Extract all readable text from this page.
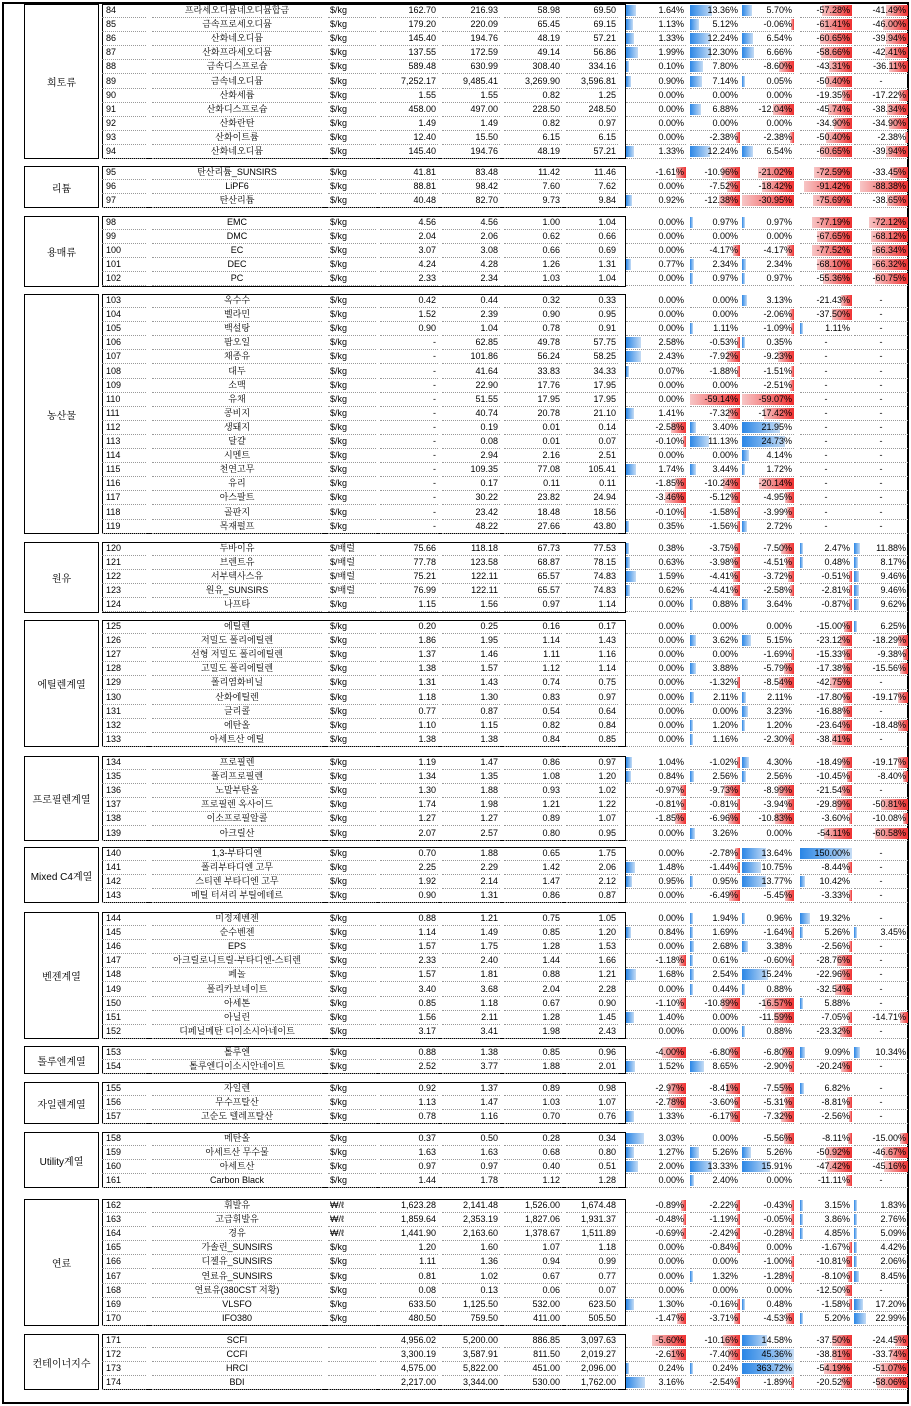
희토류
84	프라세오디뮴네오디뮴합금	$/kg	162.70	216.93	58.98	69.50	1.64%	13.36%	5.70%	-57.28% -41.49%
85	금속프로세오디뮴	$/kg	179.20	220.09	65.45	69.15	1.13%	5.12%	-0.06%	-61.41% -46.00%
86	산화네오디뮴	$/kg	145.40	194.76	48.19	57.21	1.33%	12.24%	6.54%	-60.65% -39.94%
87	산화프라세오디뮴	$/kg	137.55	172.59	49.14	56.86	1.99%	12.30%	6.66%	-58.66% -42.41%
88	금속디스프로슘	$/kg	589.48	630.99	308.40	334.16	0.10%	7.80%	-8.60%	-43.31%	-36.11%
89	금속네오디뮴	$/kg	7,252.17	9,485.41	3,269.90	3,596.81	0.90%	7.14%	0.05%	-50.40%	-
90	산화세륨	$/kg	1.55	1.55	0.82	1.25	0.00%	0.00%	0.00%	-19.35% -17.22%
91	산화디스프로슘	$/kg	458.00	497.00	228.50	248.50	0.00%	6.88% -12.04%	-45.74% -38.34%
92	산화란탄	$/kg	1.49	1.49	0.82	0.97	0.00%	0.00%	0.00%	-34.90% -34.90%
93	산화이트륨	$/kg	12.40	15.50	6.15	6.15	0.00%	-2.38%	-2.38%	-50.40%	-2.38%
94	산화네오디뮴	$/kg	145.40	194.76	48.19	57.21	1.33%	12.24%	6.54%	-60.65% -39.94%
리튬
95	탄산리튬_SUNSIRS	$/kg	41.81	83.48	11.42	11.46	-1.61% -10.96% -21.02%	-72.59% -33.45%
96	LiPF6	$/kg	88.81	98.42	7.60	7.62	0.00%	-7.52% -18.42%	-91.42% -88.38%
97	탄산리튬	$/kg	40.48	82.70	9.73	9.84	0.92% -12.38% -30.95%	-75.69% -38.65%
용매류
98	EMC	$/kg	4.56	4.56	1.00	1.04	0.00%	0.97%	0.97%	-77.19% -72.12%
99	DMC	$/kg	2.04	2.06	0.62	0.66	0.00%	0.00%	0.00%	-67.65% -68.12%
100	EC	$/kg	3.07	3.08	0.66	0.69	0.00%	-4.17%	-4.17%	-77.52% -66.34%
101	DEC	$/kg	4.24	4.28	1.26	1.31	0.77%	2.34%	2.34%	-68.10% -66.32%
102	PC	$/kg	2.33	2.34	1.03	1.04	0.00%	0.97%	0.97%	-55.36% -60.75%
농산물
103	옥수수	$/kg	0.42	0.44	0.32	0.33	0.00%	0.00%	3.13%	-21.43%	-
104	벨라민	$/kg	1.52	2.39	0.90	0.95	0.00%	0.00%	-2.06%	-37.50%	-
105	백설탕	$/kg	0.90	1.04	0.78	0.91	0.00%	1.11%	-1.09%	1.11%	-
106	팜오일	$/kg	-	62.85	49.78	57.75	2.58%	-0.53%	0.35%	-	-
107	채종유	$/kg	-	101.86	56.24	58.25	2.43%	-7.92%	-9.23%	-	-
108	대두	$/kg	-	41.64	33.83	34.33	0.07%	-1.88%	-1.51%	-	-
109	소맥	$/kg	-	22.90	17.76	17.95	0.00%	0.00%	-2.51%	-	-
110	유채	$/kg	-	51.55	17.95	17.95	0.00% -59.14% -59.07%	-	-
111	콩비지	$/kg	-	40.74	20.78	21.10	1.41%	-7.32% -17.42%	-	-
112	생돼지	$/kg	-	0.19	0.01	0.14	-2.58%	3.40%	21.95%	-	-
113	달걀	$/kg	-	0.08	0.01	0.07	-0.10%	11.13%	24.73%	-	-
114	시멘트	$/kg	-	2.94	2.16	2.51	0.00%	0.00%	4.14%	-	-
115	천연고무	$/kg	-	109.35	77.08	105.41	1.74%	3.44%	1.72%	-	-
116	유리	$/kg	-	0.17	0.11	0.11	-1.85% -10.24% -20.14%	-	-
117	아스팔트	$/kg	-	30.22	23.82	24.94	-3.46%	-5.12%	-4.95%	-	-
118	골판지	$/kg	-	23.42	18.48	18.56	-0.10%	-1.58%	-3.99%	-	-
119	목재펄프	$/kg	-	48.22	27.66	43.80	0.35%	-1.56%	2.72%	-	-
원유
120	두바이유	$/배럴	75.66	118.18	67.73	77.53	0.38%	-3.75%	-7.50%	2.47%	11.88%
121	브렌트유	$/배럴	77.78	123.58	68.87	78.15	0.63%	-3.98%	-4.51%	0.48%	8.17%
122	서부텍사스유	$/배럴	75.21	122.11	65.57	74.83	1.59%	-4.41%	-3.72%	-0.51%	9.46%
123	원유_SUNSIRS	$/배럴	76.99	122.11	65.57	74.83	0.62%	-4.41%	-2.58%	-2.81%	9.46%
124	나프타	$/kg	1.15	1.56	0.97	1.14	0.00%	0.88%	3.64%	-0.87%	9.62%
에틸렌계열
125	에틸렌	$/kg	0.20	0.25	0.16	0.17	0.00%	0.00%	0.00%	-15.00%	6.25%
126	저밀도 폴리에틸렌	$/kg	1.86	1.95	1.14	1.43	0.00%	3.62%	5.15%	-23.12% -18.29%
127	선형 저밀도 폴리에틸렌	$/kg	1.37	1.46	1.11	1.16	0.00%	0.00%	-1.69%	-15.33%	-9.38%
128	고밀도 폴리에틸렌	$/kg	1.38	1.57	1.12	1.14	0.00%	3.88%	-5.79%	-17.38% -15.56%
129	폴리염화비닐	$/kg	1.31	1.43	0.74	0.75	0.00%	-1.32%	-8.54%	-42.75%	-
130	산화에틸렌	$/kg	1.18	1.30	0.83	0.97	0.00%	2.11%	2.11%	-17.80% -19.17%
131	글리콜	$/kg	0.77	0.87	0.54	0.64	0.00%	0.00%	3.23%	-16.88%	-
132	에탄올	$/kg	1.10	1.15	0.82	0.84	0.00%	1.20%	1.20%	-23.64% -18.48%
133	아세트산 에틸	$/kg	1.38	1.38	0.84	0.85	0.00%	1.16%	-2.30%	-38.41%	-
프로필렌계열
134	프로필렌	$/kg	1.19	1.47	0.86	0.97	1.04%	-1.02%	4.30%	-18.49% -19.17%
135	폴리프로필렌	$/kg	1.34	1.35	1.08	1.20	0.84%	2.56%	2.56%	-10.45%	-8.40%
136	노말부탄올	$/kg	1.30	1.88	0.93	1.02	-0.97%	-9.73%	-8.99%	-21.54%	-
137	프로필렌 옥사이드	$/kg	1.74	1.98	1.21	1.22	-0.81%	-0.81%	-3.94%	-29.89% -50.81%
138	이소프로필알콜	$/kg	1.27	1.27	0.89	1.07	-1.85%	-6.96% -10.83%	-3.60% -10.08%
139	아크릴산	$/kg	2.07	2.57	0.80	0.95	0.00%	3.26%	0.00%	-54.11% -60.58%
Mixed C4계열
140	1,3-부타디엔	$/kg	0.70	1.88	0.65	1.75	0.00%	-2.78%	13.64% 150.00%	-
141	폴리부타디엔 고무	$/kg	2.25	2.29	1.42	2.06	1.48%	-1.44%	10.75%	-8.44%	-
142	스티렌 부타디엔 고무	$/kg	1.92	2.14	1.47	2.12	0.95%	0.95%	13.77%	10.42%	-
143	메틸 터셔리 부틸에테르	$/kg	0.90	1.31	0.86	0.87	0.00%	-6.49%	-5.45%	-3.33%	-
벤젠계열
144	미정제벤젠	$/kg	0.88	1.21	0.75	1.05	0.00%	1.94%	0.96%	19.32%	-
145	순수벤젠	$/kg	1.14	1.49	0.85	1.20	0.84%	1.69%	-1.64%	5.26%	3.45%
146	EPS	$/kg	1.57	1.75	1.28	1.53	0.00%	2.68%	3.38%	-2.56%	-
147	아크릴로니트릴-부타디엔-스티렌	$/kg	2.33	2.40	1.44	1.66	-1.18%	0.61%	-0.60%	-28.76%	-
148	페놀	$/kg	1.57	1.81	0.88	1.21	1.68%	2.54%	15.24%	-22.96%	-
149	폴리카보네이트	$/kg	3.40	3.68	2.04	2.28	0.00%	0.44%	0.88%	-32.54%	-
150	아세톤	$/kg	0.85	1.18	0.67	0.90	-1.10% -10.89% -16.57%	5.88%	-
151	아닐린	$/kg	1.56	2.11	1.28	1.45	1.40%	0.00% -11.59%	-7.05% -14.71%
152	디페닐메탄 디이소시아네이트	$/kg	3.17	3.41	1.98	2.43	0.00%	0.00%	0.88%	-23.32%	-
톨루엔계열
153	톨루엔	$/kg	0.88	1.38	0.85	0.96	-4.00%	-6.80%	-6.80%	9.09%	10.34%
154	톨루엔디이소시안네이트	$/kg	2.52	3.77	1.88	2.01	1.52%	8.65%	-2.90%	-20.24%	-
자일렌계열
155	자일렌	$/kg	0.92	1.37	0.89	0.98	-2.97%	-8.41%	-7.55%	6.82%	-
156	무수프탈산	$/kg	1.13	1.47	1.03	1.07	-2.78%	-3.60%	-5.31%	-8.81%	-
157	고순도 텔레프탈산	$/kg	0.78	1.16	0.70	0.76	1.33%	-6.17%	-7.32%	-2.56%	-
Utility계열
158	메탄올	$/kg	0.37	0.50	0.28	0.34	3.03%	0.00%	-5.56%	-8.11% -15.00%
159	아세트산 무수물	$/kg	1.63	1.63	0.68	0.80	1.27%	5.26%	5.26%	-50.92% -46.67%
160	아세트산	$/kg	0.97	0.97	0.40	0.51	2.00%	13.33%	15.91%	-47.42% -45.16%
161	Carbon Black	$/kg	1.44	1.78	1.12	1.28	0.00%	2.40%	0.00%	-11.11%	-
연료
162	휘발유	₩/ℓ	1,623.28	2,141.48	1,526.00	1,674.48	-0.89%	-2.22%	-0.43%	3.15%	1.83%
163	고급휘발유	₩/ℓ	1,859.64	2,353.19	1,827.06	1,931.37	-0.48%	-1.19%	-0.05%	3.86%	2.76%
164	경유	₩/ℓ	1,441.90	2,163.60	1,378.67	1,511.89	-0.69%	-2.42%	-0.28%	4.85%	5.09%
165	가솔린_SUNSIRS	$/kg	1.20	1.60	1.07	1.18	0.00%	-0.84%	0.00%	-1.67%	4.42%
166	디젤유_SUNSIRS	$/kg	1.11	1.36	0.94	0.99	0.00%	0.00%	-1.00%	-10.81%	2.06%
167	연료유_SUNSIRS	$/kg	0.81	1.02	0.67	0.77	0.00%	1.32%	-1.28%	-8.10%	8.45%
168	연료유(380CST 저황)	$/kg	0.08	0.13	0.06	0.07	0.00%	0.00%	0.00%	-12.50%	-
169	VLSFO	$/kg	633.50	1,125.50	532.00	623.50	1.30%	-0.16%	0.48%	-1.58%	17.20%
170	IFO380	$/kg	480.50	759.50	411.00	505.50	-1.47%	-3.71%	-4.53%	5.20%	22.99%
컨테이너지수
171	SCFI	4,956.02	5,200.00	886.85	3,097.63	-5.60% -10.16%	14.58%	-37.50% -24.45%
172	CCFI	3,300.19	3,587.91	811.50	2,019.27	-2.61%	-7.40%	45.36%	-38.81% -33.74%
173	HRCI	4,575.00	5,822.00	451.00	2,096.00	0.24%	0.24% 363.72%	-54.19% -51.07%
174	BDI	2,217.00	3,344.00	530.00	1,762.00	3.16%	-2.54%	-1.89%	-20.52% -58.06%
